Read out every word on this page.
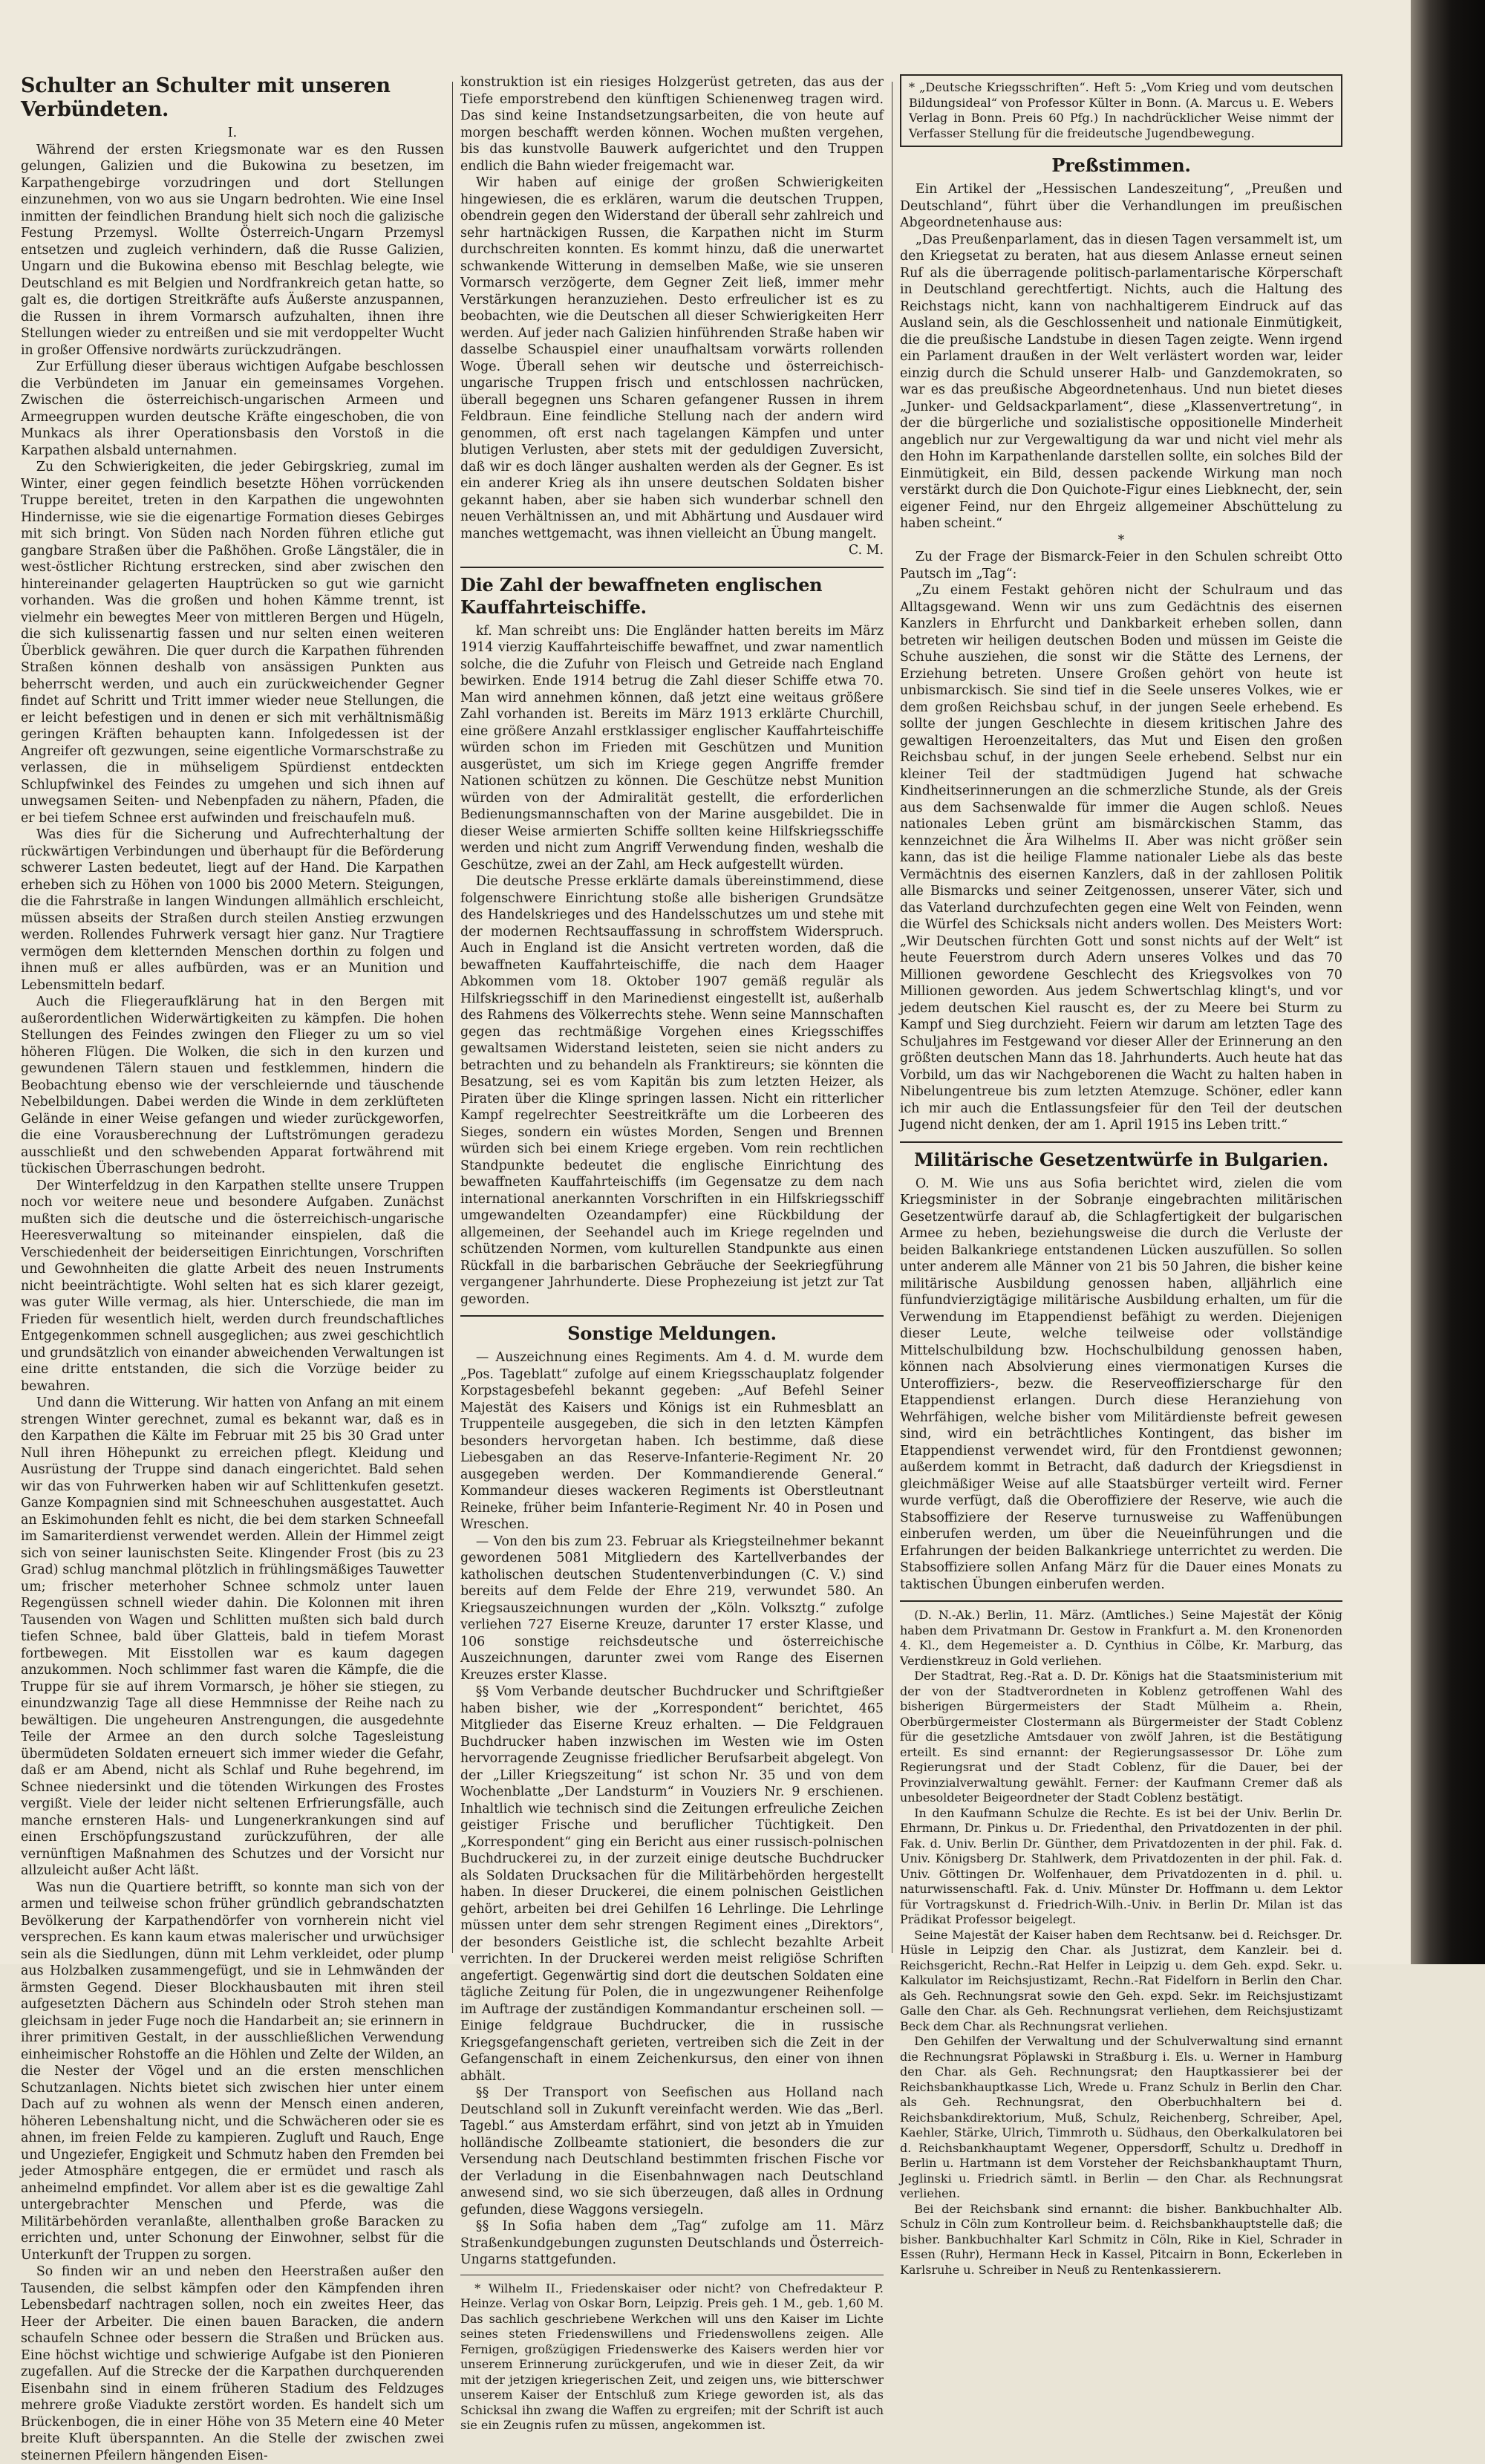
Schulter an Schulter mit unseren Verbündeten.

I.

Während der ersten Kriegsmonate war es den Russen gelungen, Galizien und die Bukowina zu besetzen, im Karpathengebirge vorzudringen und dort Stellungen einzunehmen, von wo aus sie Ungarn bedrohten. Wie eine Insel inmitten der feindlichen Brandung hielt sich noch die galizische Festung Przemysl. Wollte Österreich-Ungarn Przemysl entsetzen und zugleich verhindern, daß die Russe Galizien, Ungarn und die Bukowina ebenso mit Beschlag belegte, wie Deutschland es mit Belgien und Nordfrankreich getan hatte, so galt es, die dortigen Streitkräfte aufs Äußerste anzuspannen, die Russen in ihrem Vormarsch aufzuhalten, ihnen ihre Stellungen wieder zu entreißen und sie mit verdoppelter Wucht in großer Offensive nordwärts zurückzudrängen.

Zur Erfüllung dieser überaus wichtigen Aufgabe beschlossen die Verbündeten im Januar ein gemeinsames Vorgehen. Zwischen die österreichisch-ungarischen Armeen und Armeegruppen wurden deutsche Kräfte eingeschoben, die von Munkacs als ihrer Operationsbasis den Vorstoß in die Karpathen alsbald unternahmen.

Zu den Schwierigkeiten, die jeder Gebirgskrieg, zumal im Winter, einer gegen feindlich besetzte Höhen vorrückenden Truppe bereitet, treten in den Karpathen die ungewohnten Hindernisse, wie sie die eigenartige Formation dieses Gebirges mit sich bringt. Von Süden nach Norden führen etliche gut gangbare Straßen über die Paßhöhen. Große Längstäler, die in west-östlicher Richtung erstrecken, sind aber zwischen den hintereinander gelagerten Hauptrücken so gut wie garnicht vorhanden. Was die großen und hohen Kämme trennt, ist vielmehr ein bewegtes Meer von mittleren Bergen und Hügeln, die sich kulissenartig fassen und nur selten einen weiteren Überblick gewähren. Die quer durch die Karpathen führenden Straßen können deshalb von ansässigen Punkten aus beherrscht werden, und auch ein zurückweichender Gegner findet auf Schritt und Tritt immer wieder neue Stellungen, die er leicht befestigen und in denen er sich mit verhältnismäßig geringen Kräften behaupten kann. Infolgedessen ist der Angreifer oft gezwungen, seine eigentliche Vormarschstraße zu verlassen, die in mühseligem Spürdienst entdeckten Schlupfwinkel des Feindes zu umgehen und sich ihnen auf unwegsamen Seiten- und Nebenpfaden zu nähern, Pfaden, die er bei tiefem Schnee erst aufwinden und freischaufeln muß.

Was dies für die Sicherung und Aufrechterhaltung der rückwärtigen Verbindungen und überhaupt für die Beförderung schwerer Lasten bedeutet, liegt auf der Hand. Die Karpathen erheben sich zu Höhen von 1000 bis 2000 Metern. Steigungen, die die Fahrstraße in langen Windungen allmählich erschleicht, müssen abseits der Straßen durch steilen Anstieg erzwungen werden. Rollendes Fuhrwerk versagt hier ganz. Nur Tragtiere vermögen dem kletternden Menschen dorthin zu folgen und ihnen muß er alles aufbürden, was er an Munition und Lebensmitteln bedarf.

Auch die Fliegeraufklärung hat in den Bergen mit außerordentlichen Widerwärtigkeiten zu kämpfen. Die hohen Stellungen des Feindes zwingen den Flieger zu um so viel höheren Flügen. Die Wolken, die sich in den kurzen und gewundenen Tälern stauen und festklemmen, hindern die Beobachtung ebenso wie der verschleiernde und täuschende Nebelbildungen. Dabei werden die Winde in dem zerklüfteten Gelände in einer Weise gefangen und wieder zurückgeworfen, die eine Vorausberechnung der Luftströmungen geradezu ausschließt und den schwebenden Apparat fortwährend mit tückischen Überraschungen bedroht.

Der Winterfeldzug in den Karpathen stellte unsere Truppen noch vor weitere neue und besondere Aufgaben. Zunächst mußten sich die deutsche und die österreichisch-ungarische Heeresverwaltung so miteinander einspielen, daß die Verschiedenheit der beiderseitigen Einrichtungen, Vorschriften und Gewohnheiten die glatte Arbeit des neuen Instruments nicht beeinträchtigte. Wohl selten hat es sich klarer gezeigt, was guter Wille vermag, als hier. Unterschiede, die man im Frieden für wesentlich hielt, werden durch freundschaftliches Entgegenkommen schnell ausgeglichen; aus zwei geschichtlich und grundsätzlich von einander abweichenden Verwaltungen ist eine dritte entstanden, die sich die Vorzüge beider zu bewahren.

Und dann die Witterung. Wir hatten von Anfang an mit einem strengen Winter gerechnet, zumal es bekannt war, daß es in den Karpathen die Kälte im Februar mit 25 bis 30 Grad unter Null ihren Höhepunkt zu erreichen pflegt. Kleidung und Ausrüstung der Truppe sind danach eingerichtet. Bald sehen wir das von Fuhrwerken haben wir auf Schlittenkufen gesetzt. Ganze Kompagnien sind mit Schneeschuhen ausgestattet. Auch an Eskimohunden fehlt es nicht, die bei dem starken Schneefall im Samariterdienst verwendet werden. Allein der Himmel zeigt sich von seiner launischsten Seite. Klingender Frost (bis zu 23 Grad) schlug manchmal plötzlich in frühlingsmäßiges Tauwetter um; frischer meterhoher Schnee schmolz unter lauen Regengüssen schnell wieder dahin. Die Kolonnen mit ihren Tausenden von Wagen und Schlitten mußten sich bald durch tiefen Schnee, bald über Glatteis, bald in tiefem Morast fortbewegen. Mit Eisstollen war es kaum dagegen anzukommen. Noch schlimmer fast waren die Kämpfe, die die Truppe für sie auf ihrem Vormarsch, je höher sie stiegen, zu einundzwanzig Tage all diese Hemmnisse der Reihe nach zu bewältigen. Die ungeheuren Anstrengungen, die ausgedehnte Teile der Armee an den durch solche Tagesleistung übermüdeten Soldaten erneuert sich immer wieder die Gefahr, daß er am Abend, nicht als Schlaf und Ruhe begehrend, im Schnee niedersinkt und die tötenden Wirkungen des Frostes vergißt. Viele der leider nicht seltenen Erfrierungsfälle, auch manche ernsteren Hals- und Lungenerkrankungen sind auf einen Erschöpfungszustand zurückzuführen, der alle vernünftigen Maßnahmen des Schutzes und der Vorsicht nur allzuleicht außer Acht läßt.

Was nun die Quartiere betrifft, so konnte man sich von der armen und teilweise schon früher gründlich gebrandschatzten Bevölkerung der Karpathendörfer von vornherein nicht viel versprechen. Es kann kaum etwas malerischer und urwüchsiger sein als die Siedlungen, dünn mit Lehm verkleidet, oder plump aus Holzbalken zusammengefügt, und sie in Lehmwänden der ärmsten Gegend. Dieser Blockhausbauten mit ihren steil aufgesetzten Dächern aus Schindeln oder Stroh stehen man gleichsam in jeder Fuge noch die Handarbeit an; sie erinnern in ihrer primitiven Gestalt, in der ausschließlichen Verwendung einheimischer Rohstoffe an die Höhlen und Zelte der Wilden, an die Nester der Vögel und an die ersten menschlichen Schutzanlagen. Nichts bietet sich zwischen hier unter einem Dach auf zu wohnen als wenn der Mensch einen anderen, höheren Lebenshaltung nicht, und die Schwächeren oder sie es ahnen, im freien Felde zu kampieren. Zugluft und Rauch, Enge und Ungeziefer, Engigkeit und Schmutz haben den Fremden bei jeder Atmosphäre entgegen, die er ermüdet und rasch als anheimelnd empfindet. Vor allem aber ist es die gewaltige Zahl untergebrachter Menschen und Pferde, was die Militärbehörden veranlaßte, allenthalben große Baracken zu errichten und, unter Schonung der Einwohner, selbst für die Unterkunft der Truppen zu sorgen.

So finden wir an und neben den Heerstraßen außer den Tausenden, die selbst kämpfen oder den Kämpfenden ihren Lebensbedarf nachtragen sollen, noch ein zweites Heer, das Heer der Arbeiter. Die einen bauen Baracken, die andern schaufeln Schnee oder bessern die Straßen und Brücken aus. Eine höchst wichtige und schwierige Aufgabe ist den Pionieren zugefallen. Auf die Strecke der die Karpathen durchquerenden Eisenbahn sind in einem früheren Stadium des Feldzuges mehrere große Viadukte zerstört worden. Es handelt sich um Brückenbogen, die in einer Höhe von 35 Metern eine 40 Meter breite Kluft überspannten. An die Stelle der zwischen zwei steinernen Pfeilern hängenden Eisen-

konstruktion ist ein riesiges Holzgerüst getreten, das aus der Tiefe emporstrebend den künftigen Schienenweg tragen wird. Das sind keine Instandsetzungsarbeiten, die von heute auf morgen beschafft werden können. Wochen mußten vergehen, bis das kunstvolle Bauwerk aufgerichtet und den Truppen endlich die Bahn wieder freigemacht war.

Wir haben auf einige der großen Schwierigkeiten hingewiesen, die es erklären, warum die deutschen Truppen, obendrein gegen den Widerstand der überall sehr zahlreich und sehr hartnäckigen Russen, die Karpathen nicht im Sturm durchschreiten konnten. Es kommt hinzu, daß die unerwartet schwankende Witterung in demselben Maße, wie sie unseren Vormarsch verzögerte, dem Gegner Zeit ließ, immer mehr Verstärkungen heranzuziehen. Desto erfreulicher ist es zu beobachten, wie die Deutschen all dieser Schwierigkeiten Herr werden. Auf jeder nach Galizien hinführenden Straße haben wir dasselbe Schauspiel einer unaufhaltsam vorwärts rollenden Woge. Überall sehen wir deutsche und österreichisch-ungarische Truppen frisch und entschlossen nachrücken, überall begegnen uns Scharen gefangener Russen in ihrem Feldbraun. Eine feindliche Stellung nach der andern wird genommen, oft erst nach tagelangen Kämpfen und unter blutigen Verlusten, aber stets mit der geduldigen Zuversicht, daß wir es doch länger aushalten werden als der Gegner. Es ist ein anderer Krieg als ihn unsere deutschen Soldaten bisher gekannt haben, aber sie haben sich wunderbar schnell den neuen Verhältnissen an, und mit Abhärtung und Ausdauer wird manches wettgemacht, was ihnen vielleicht an Übung mangelt.

C. M.

Die Zahl der bewaffneten englischen Kauffahrteischiffe.

kf. Man schreibt uns: Die Engländer hatten bereits im März 1914 vierzig Kauffahrteischiffe bewaffnet, und zwar namentlich solche, die die Zufuhr von Fleisch und Getreide nach England bewirken. Ende 1914 betrug die Zahl dieser Schiffe etwa 70. Man wird annehmen können, daß jetzt eine weitaus größere Zahl vorhanden ist. Bereits im März 1913 erklärte Churchill, eine größere Anzahl erstklassiger englischer Kauffahrteischiffe würden schon im Frieden mit Geschützen und Munition ausgerüstet, um sich im Kriege gegen Angriffe fremder Nationen schützen zu können. Die Geschütze nebst Munition würden von der Admiralität gestellt, die erforderlichen Bedienungsmannschaften von der Marine ausgebildet. Die in dieser Weise armierten Schiffe sollten keine Hilfskriegsschiffe werden und nicht zum Angriff Verwendung finden, weshalb die Geschütze, zwei an der Zahl, am Heck aufgestellt würden.

Die deutsche Presse erklärte damals übereinstimmend, diese folgenschwere Einrichtung stoße alle bisherigen Grundsätze des Handelskrieges und des Handelsschutzes um und stehe mit der modernen Rechtsauffassung in schroffstem Widerspruch. Auch in England ist die Ansicht vertreten worden, daß die bewaffneten Kauffahrteischiffe, die nach dem Haager Abkommen vom 18. Oktober 1907 gemäß regulär als Hilfskriegsschiff in den Marinedienst eingestellt ist, außerhalb des Rahmens des Völkerrechts stehe. Wenn seine Mannschaften gegen das rechtmäßige Vorgehen eines Kriegsschiffes gewaltsamen Widerstand leisteten, seien sie nicht anders zu betrachten und zu behandeln als Franktireurs; sie könnten die Besatzung, sei es vom Kapitän bis zum letzten Heizer, als Piraten über die Klinge springen lassen. Nicht ein ritterlicher Kampf regelrechter Seestreitkräfte um die Lorbeeren des Sieges, sondern ein wüstes Morden, Sengen und Brennen würden sich bei einem Kriege ergeben. Vom rein rechtlichen Standpunkte bedeutet die englische Einrichtung des bewaffneten Kauffahrteischiffs (im Gegensatze zu dem nach international anerkannten Vorschriften in ein Hilfskriegsschiff umgewandelten Ozeandampfer) eine Rückbildung der allgemeinen, der Seehandel auch im Kriege regelnden und schützenden Normen, vom kulturellen Standpunkte aus einen Rückfall in die barbarischen Gebräuche der Seekriegführung vergangener Jahrhunderte. Diese Prophezeiung ist jetzt zur Tat geworden.

Sonstige Meldungen.

— Auszeichnung eines Regiments. Am 4. d. M. wurde dem „Pos. Tageblatt“ zufolge auf einem Kriegsschauplatz folgender Korpstagesbefehl bekannt gegeben: „Auf Befehl Seiner Majestät des Kaisers und Königs ist ein Ruhmesblatt an Truppenteile ausgegeben, die sich in den letzten Kämpfen besonders hervorgetan haben. Ich bestimme, daß diese Liebesgaben an das Reserve-Infanterie-Regiment Nr. 20 ausgegeben werden. Der Kommandierende General.“ Kommandeur dieses wackeren Regiments ist Oberstleutnant Reineke, früher beim Infanterie-Regiment Nr. 40 in Posen und Wreschen.

— Von den bis zum 23. Februar als Kriegsteilnehmer bekannt gewordenen 5081 Mitgliedern des Kartellverbandes der katholischen deutschen Studentenverbindungen (C. V.) sind bereits auf dem Felde der Ehre 219, verwundet 580. An Kriegsauszeichnungen wurden der „Köln. Volksztg.“ zufolge verliehen 727 Eiserne Kreuze, darunter 17 erster Klasse, und 106 sonstige reichsdeutsche und österreichische Auszeichnungen, darunter zwei vom Range des Eisernen Kreuzes erster Klasse.

§§ Vom Verbande deutscher Buchdrucker und Schriftgießer haben bisher, wie der „Korrespondent“ berichtet, 465 Mitglieder das Eiserne Kreuz erhalten. — Die Feldgrauen Buchdrucker haben inzwischen im Westen wie im Osten hervorragende Zeugnisse friedlicher Berufsarbeit abgelegt. Von der „Liller Kriegszeitung“ ist schon Nr. 35 und von dem Wochenblatte „Der Landsturm“ in Vouziers Nr. 9 erschienen. Inhaltlich wie technisch sind die Zeitungen erfreuliche Zeichen geistiger Frische und beruflicher Tüchtigkeit. Den „Korrespondent“ ging ein Bericht aus einer russisch-polnischen Buchdruckerei zu, in der zurzeit einige deutsche Buchdrucker als Soldaten Drucksachen für die Militärbehörden hergestellt haben. In dieser Druckerei, die einem polnischen Geistlichen gehört, arbeiten bei drei Gehilfen 16 Lehrlinge. Die Lehrlinge müssen unter dem sehr strengen Regiment eines „Direktors“, der besonders Geistliche ist, die schlecht bezahlte Arbeit verrichten. In der Druckerei werden meist religiöse Schriften angefertigt. Gegenwärtig sind dort die deutschen Soldaten eine tägliche Zeitung für Polen, die in ungezwungener Reihenfolge im Auftrage der zuständigen Kommandantur erscheinen soll. — Einige feldgraue Buchdrucker, die in russische Kriegsgefangenschaft gerieten, vertreiben sich die Zeit in der Gefangenschaft in einem Zeichenkursus, den einer von ihnen abhält.

§§ Der Transport von Seefischen aus Holland nach Deutschland soll in Zukunft vereinfacht werden. Wie das „Berl. Tagebl.“ aus Amsterdam erfährt, sind von jetzt ab in Ymuiden holländische Zollbeamte stationiert, die besonders die zur Versendung nach Deutschland bestimmten frischen Fische vor der Verladung in die Eisenbahnwagen nach Deutschland anwesend sind, wo sie sich überzeugen, daß alles in Ordnung gefunden, diese Waggons versiegeln.

§§ In Sofia haben dem „Tag“ zufolge am 11. März Straßenkundgebungen zugunsten Deutschlands und Österreich-Ungarns stattgefunden.

* Wilhelm II., Friedenskaiser oder nicht? von Chefredakteur P. Heinze. Verlag von Oskar Born, Leipzig. Preis geh. 1 M., geb. 1,60 M. Das sachlich geschriebene Werkchen will uns den Kaiser im Lichte seines steten Friedenswillens und Friedenswollens zeigen. Alle Fernigen, großzügigen Friedenswerke des Kaisers werden hier vor unserem Erinnerung zurückgerufen, und wie in dieser Zeit, da wir mit der jetzigen kriegerischen Zeit, und zeigen uns, wie bitterschwer unserem Kaiser der Entschluß zum Kriege geworden ist, als das Schicksal ihn zwang die Waffen zu ergreifen; mit der Schrift ist auch sie ein Zeugnis rufen zu müssen, angekommen ist.

* „Deutsche Kriegsschriften“. Heft 5: „Vom Krieg und vom deutschen Bildungsideal“ von Professor Külter in Bonn. (A. Marcus u. E. Webers Verlag in Bonn. Preis 60 Pfg.) In nachdrücklicher Weise nimmt der Verfasser Stellung für die freideutsche Jugendbewegung.

Preßstimmen.

Ein Artikel der „Hessischen Landeszeitung“, „Preußen und Deutschland“, führt über die Verhandlungen im preußischen Abgeordnetenhause aus:

„Das Preußenparlament, das in diesen Tagen versammelt ist, um den Kriegsetat zu beraten, hat aus diesem Anlasse erneut seinen Ruf als die überragende politisch-parlamentarische Körperschaft in Deutschland gerechtfertigt. Nichts, auch die Haltung des Reichstags nicht, kann von nachhaltigerem Eindruck auf das Ausland sein, als die Geschlossenheit und nationale Einmütigkeit, die die preußische Landstube in diesen Tagen zeigte. Wenn irgend ein Parlament draußen in der Welt verlästert worden war, leider einzig durch die Schuld unserer Halb- und Ganzdemokraten, so war es das preußische Abgeordnetenhaus. Und nun bietet dieses „Junker- und Geldsackparlament“, diese „Klassenvertretung“, in der die bürgerliche und sozialistische oppositionelle Minderheit angeblich nur zur Vergewaltigung da war und nicht viel mehr als den Hohn im Karpathenlande darstellen sollte, ein solches Bild der Einmütigkeit, ein Bild, dessen packende Wirkung man noch verstärkt durch die Don Quichote-Figur eines Liebknecht, der, sein eigener Feind, nur den Ehrgeiz allgemeiner Abschüttelung zu haben scheint.“

*

Zu der Frage der Bismarck-Feier in den Schulen schreibt Otto Pautsch im „Tag“:

„Zu einem Festakt gehören nicht der Schulraum und das Alltagsgewand. Wenn wir uns zum Gedächtnis des eisernen Kanzlers in Ehrfurcht und Dankbarkeit erheben sollen, dann betreten wir heiligen deutschen Boden und müssen im Geiste die Schuhe ausziehen, die sonst wir die Stätte des Lernens, der Erziehung betreten. Unsere Großen gehört von heute ist unbismarckisch. Sie sind tief in die Seele unseres Volkes, wie er dem großen Reichsbau schuf, in der jungen Seele erhebend. Es sollte der jungen Geschlechte in diesem kritischen Jahre des gewaltigen Heroenzeitalters, das Mut und Eisen den großen Reichsbau schuf, in der jungen Seele erhebend. Selbst nur ein kleiner Teil der stadtmüdigen Jugend hat schwache Kindheitserinnerungen an die schmerzliche Stunde, als der Greis aus dem Sachsenwalde für immer die Augen schloß. Neues nationales Leben grünt am bismärckischen Stamm, das kennzeichnet die Ära Wilhelms II. Aber was nicht größer sein kann, das ist die heilige Flamme nationaler Liebe als das beste Vermächtnis des eisernen Kanzlers, daß in der zahllosen Politik alle Bismarcks und seiner Zeitgenossen, unserer Väter, sich und das Vaterland durchzufechten gegen eine Welt von Feinden, wenn die Würfel des Schicksals nicht anders wollen. Des Meisters Wort: „Wir Deutschen fürchten Gott und sonst nichts auf der Welt“ ist heute Feuerstrom durch Adern unseres Volkes und das 70 Millionen gewordene Geschlecht des Kriegsvolkes von 70 Millionen geworden. Aus jedem Schwertschlag klingt's, und vor jedem deutschen Kiel rauscht es, der zu Meere bei Sturm zu Kampf und Sieg durchzieht. Feiern wir darum am letzten Tage des Schuljahres im Festgewand vor dieser Aller der Erinnerung an den größten deutschen Mann das 18. Jahrhunderts. Auch heute hat das Vorbild, um das wir Nachgeborenen die Wacht zu halten haben in Nibelungentreue bis zum letzten Atemzuge. Schöner, edler kann ich mir auch die Entlassungsfeier für den Teil der deutschen Jugend nicht denken, der am 1. April 1915 ins Leben tritt.“

Militärische Gesetzentwürfe in Bulgarien.

O. M. Wie uns aus Sofia berichtet wird, zielen die vom Kriegsminister in der Sobranje eingebrachten militärischen Gesetzentwürfe darauf ab, die Schlagfertigkeit der bulgarischen Armee zu heben, beziehungsweise die durch die Verluste der beiden Balkankriege entstandenen Lücken auszufüllen. So sollen unter anderem alle Männer von 21 bis 50 Jahren, die bisher keine militärische Ausbildung genossen haben, alljährlich eine fünfundvierzigtägige militärische Ausbildung erhalten, um für die Verwendung im Etappendienst befähigt zu werden. Diejenigen dieser Leute, welche teilweise oder vollständige Mittelschulbildung bzw. Hochschulbildung genossen haben, können nach Absolvierung eines viermonatigen Kurses die Unteroffiziers-, bezw. die Reserveoffizierscharge für den Etappendienst erlangen. Durch diese Heranziehung von Wehrfähigen, welche bisher vom Militärdienste befreit gewesen sind, wird ein beträchtliches Kontingent, das bisher im Etappendienst verwendet wird, für den Frontdienst gewonnen; außerdem kommt in Betracht, daß dadurch der Kriegsdienst in gleichmäßiger Weise auf alle Staatsbürger verteilt wird. Ferner wurde verfügt, daß die Oberoffiziere der Reserve, wie auch die Stabsoffiziere der Reserve turnusweise zu Waffenübungen einberufen werden, um über die Neueinführungen und die Erfahrungen der beiden Balkankriege unterrichtet zu werden. Die Stabsoffiziere sollen Anfang März für die Dauer eines Monats zu taktischen Übungen einberufen werden.

(D. N.-Ak.) Berlin, 11. März. (Amtliches.) Seine Majestät der König haben dem Privatmann Dr. Gestow in Frankfurt a. M. den Kronenorden 4. Kl., dem Hegemeister a. D. Cynthius in Cölbe, Kr. Marburg, das Verdienstkreuz in Gold verliehen.

Der Stadtrat, Reg.-Rat a. D. Dr. Königs hat die Staatsministerium mit der von der Stadtverordneten in Koblenz getroffenen Wahl des bisherigen Bürgermeisters der Stadt Mülheim a. Rhein, Oberbürgermeister Clostermann als Bürgermeister der Stadt Coblenz für die gesetzliche Amtsdauer von zwölf Jahren, ist die Bestätigung erteilt. Es sind ernannt: der Regierungsassessor Dr. Löhe zum Regierungsrat und der Stadt Coblenz, für die Dauer, bei der Provinzialverwaltung gewählt. Ferner: der Kaufmann Cremer daß als unbesoldeter Beigeordneter der Stadt Coblenz bestätigt.

In den Kaufmann Schulze die Rechte. Es ist bei der Univ. Berlin Dr. Ehrmann, Dr. Pinkus u. Dr. Friedenthal, den Privatdozenten in der phil. Fak. d. Univ. Berlin Dr. Günther, dem Privatdozenten in der phil. Fak. d. Univ. Königsberg Dr. Stahlwerk, dem Privatdozenten in der phil. Fak. d. Univ. Göttingen Dr. Wolfenhauer, dem Privatdozenten in d. phil. u. naturwissenschaftl. Fak. d. Univ. Münster Dr. Hoffmann u. dem Lektor für Vortragskunst d. Friedrich-Wilh.-Univ. in Berlin Dr. Milan ist das Prädikat Professor beigelegt.

Seine Majestät der Kaiser haben dem Rechtsanw. bei d. Reichsger. Dr. Hüsle in Leipzig den Char. als Justizrat, dem Kanzleir. bei d. Reichsgericht, Rechn.-Rat Helfer in Leipzig u. dem Geh. expd. Sekr. u. Kalkulator im Reichsjustizamt, Rechn.-Rat Fidelforn in Berlin den Char. als Geh. Rechnungsrat sowie den Geh. expd. Sekr. im Reichsjustizamt Galle den Char. als Geh. Rechnungsrat verliehen, dem Reichsjustizamt Beck dem Char. als Rechnungsrat verliehen.

Den Gehilfen der Verwaltung und der Schulverwaltung sind ernannt die Rechnungsrat Pöplawski in Straßburg i. Els. u. Werner in Hamburg den Char. als Geh. Rechnungsrat; den Hauptkassierer bei der Reichsbankhauptkasse Lich, Wrede u. Franz Schulz in Berlin den Char. als Geh. Rechnungsrat, den Oberbuchhaltern bei d. Reichsbankdirektorium, Muß, Schulz, Reichenberg, Schreiber, Apel, Kaehler, Stärke, Ulrich, Timmroth u. Südhaus, den Oberkalkulatoren bei d. Reichsbankhauptamt Wegener, Oppersdorff, Schultz u. Dredhoff in Berlin u. Hartmann ist dem Vorsteher der Reichsbankhauptamt Thurn, Jeglinski u. Friedrich sämtl. in Berlin — den Char. als Rechnungsrat verliehen.

Bei der Reichsbank sind ernannt: die bisher. Bankbuchhalter Alb. Schulz in Cöln zum Kontrolleur beim. d. Reichsbankhauptstelle daß; die bisher. Bankbuchhalter Karl Schmitz in Cöln, Rike in Kiel, Schrader in Essen (Ruhr), Hermann Heck in Kassel, Pitcairn in Bonn, Eckerleben in Karlsruhe u. Schreiber in Neuß zu Rentenkassierern.
